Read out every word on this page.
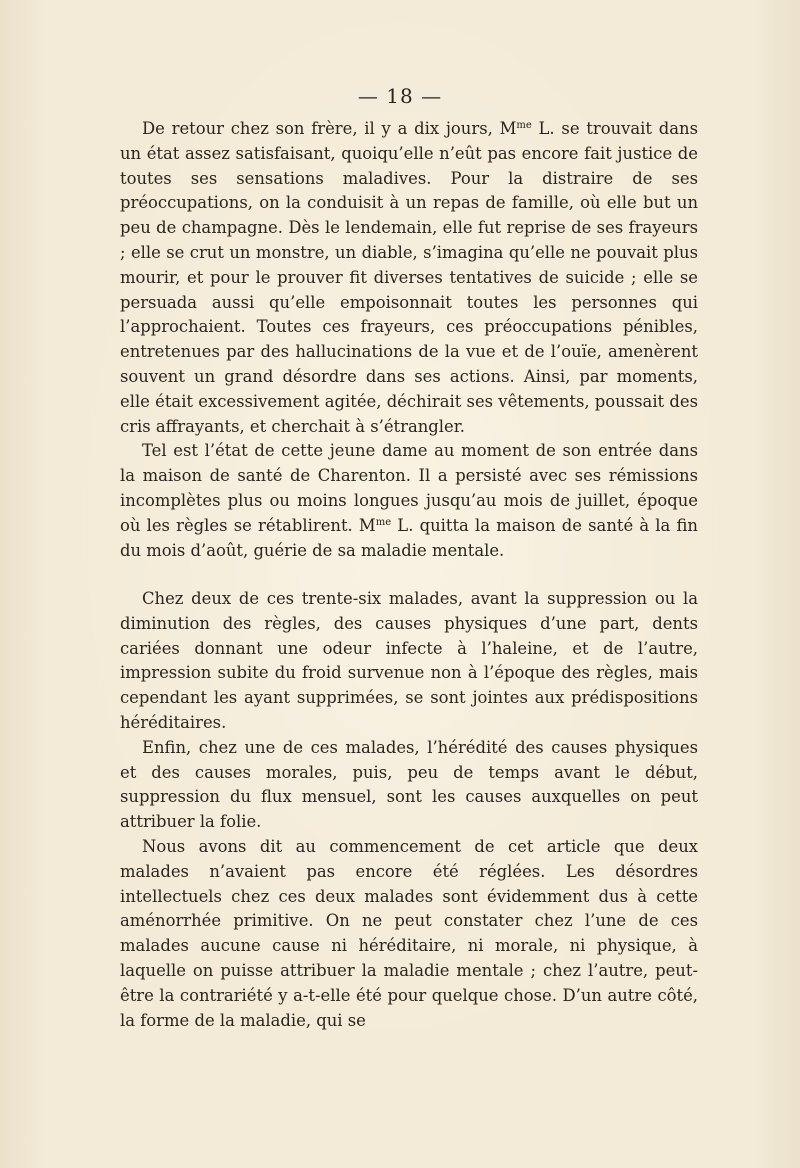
— 18 —

De retour chez son frère, il y a dix jours, $M^{me}$ L. se trouvait dans un état assez satisfaisant, quoiqu’elle n’eût pas encore fait justice de toutes ses sensations maladives. Pour la distraire de ses préoccupations, on la conduisit à un repas de famille, où elle but un peu de champagne. Dès le lendemain, elle fut reprise de ses frayeurs ; elle se crut un monstre, un diable, s’imagina qu’elle ne pouvait plus mourir, et pour le prouver fit diverses tentatives de suicide ; elle se persuada aussi qu’elle empoisonnait toutes les personnes qui l’approchaient. Toutes ces frayeurs, ces préoccupations pénibles, entretenues par des hallucinations de la vue et de l’ouïe, amenèrent souvent un grand désordre dans ses actions. Ainsi, par moments, elle était excessivement agitée, déchirait ses vêtements, poussait des cris affrayants, et cherchait à s’étrangler.

Tel est l’état de cette jeune dame au moment de son entrée dans la maison de santé de Charenton. Il a persisté avec ses rémissions incomplètes plus ou moins longues jusqu’au mois de juillet, époque où les règles se rétablirent. $M^{me}$ L. quitta la maison de santé à la fin du mois d’août, guérie de sa maladie mentale.

Chez deux de ces trente-six malades, avant la suppression ou la diminution des règles, des causes physiques d’une part, dents cariées donnant une odeur infecte à l’haleine, et de l’autre, impression subite du froid survenue non à l’époque des règles, mais cependant les ayant supprimées, se sont jointes aux prédispositions héréditaires.

Enfin, chez une de ces malades, l’hérédité des causes physiques et des causes morales, puis, peu de temps avant le début, suppression du flux mensuel, sont les causes auxquelles on peut attribuer la folie.

Nous avons dit au commencement de cet article que deux malades n’avaient pas encore été réglées. Les désordres intellectuels chez ces deux malades sont évidemment dus à cette aménorrhée primitive. On ne peut constater chez l’une de ces malades aucune cause ni héréditaire, ni morale, ni physique, à laquelle on puisse attribuer la maladie mentale ; chez l’autre, peut-être la contrariété y a-t-elle été pour quelque chose. D’un autre côté, la forme de la maladie, qui se
